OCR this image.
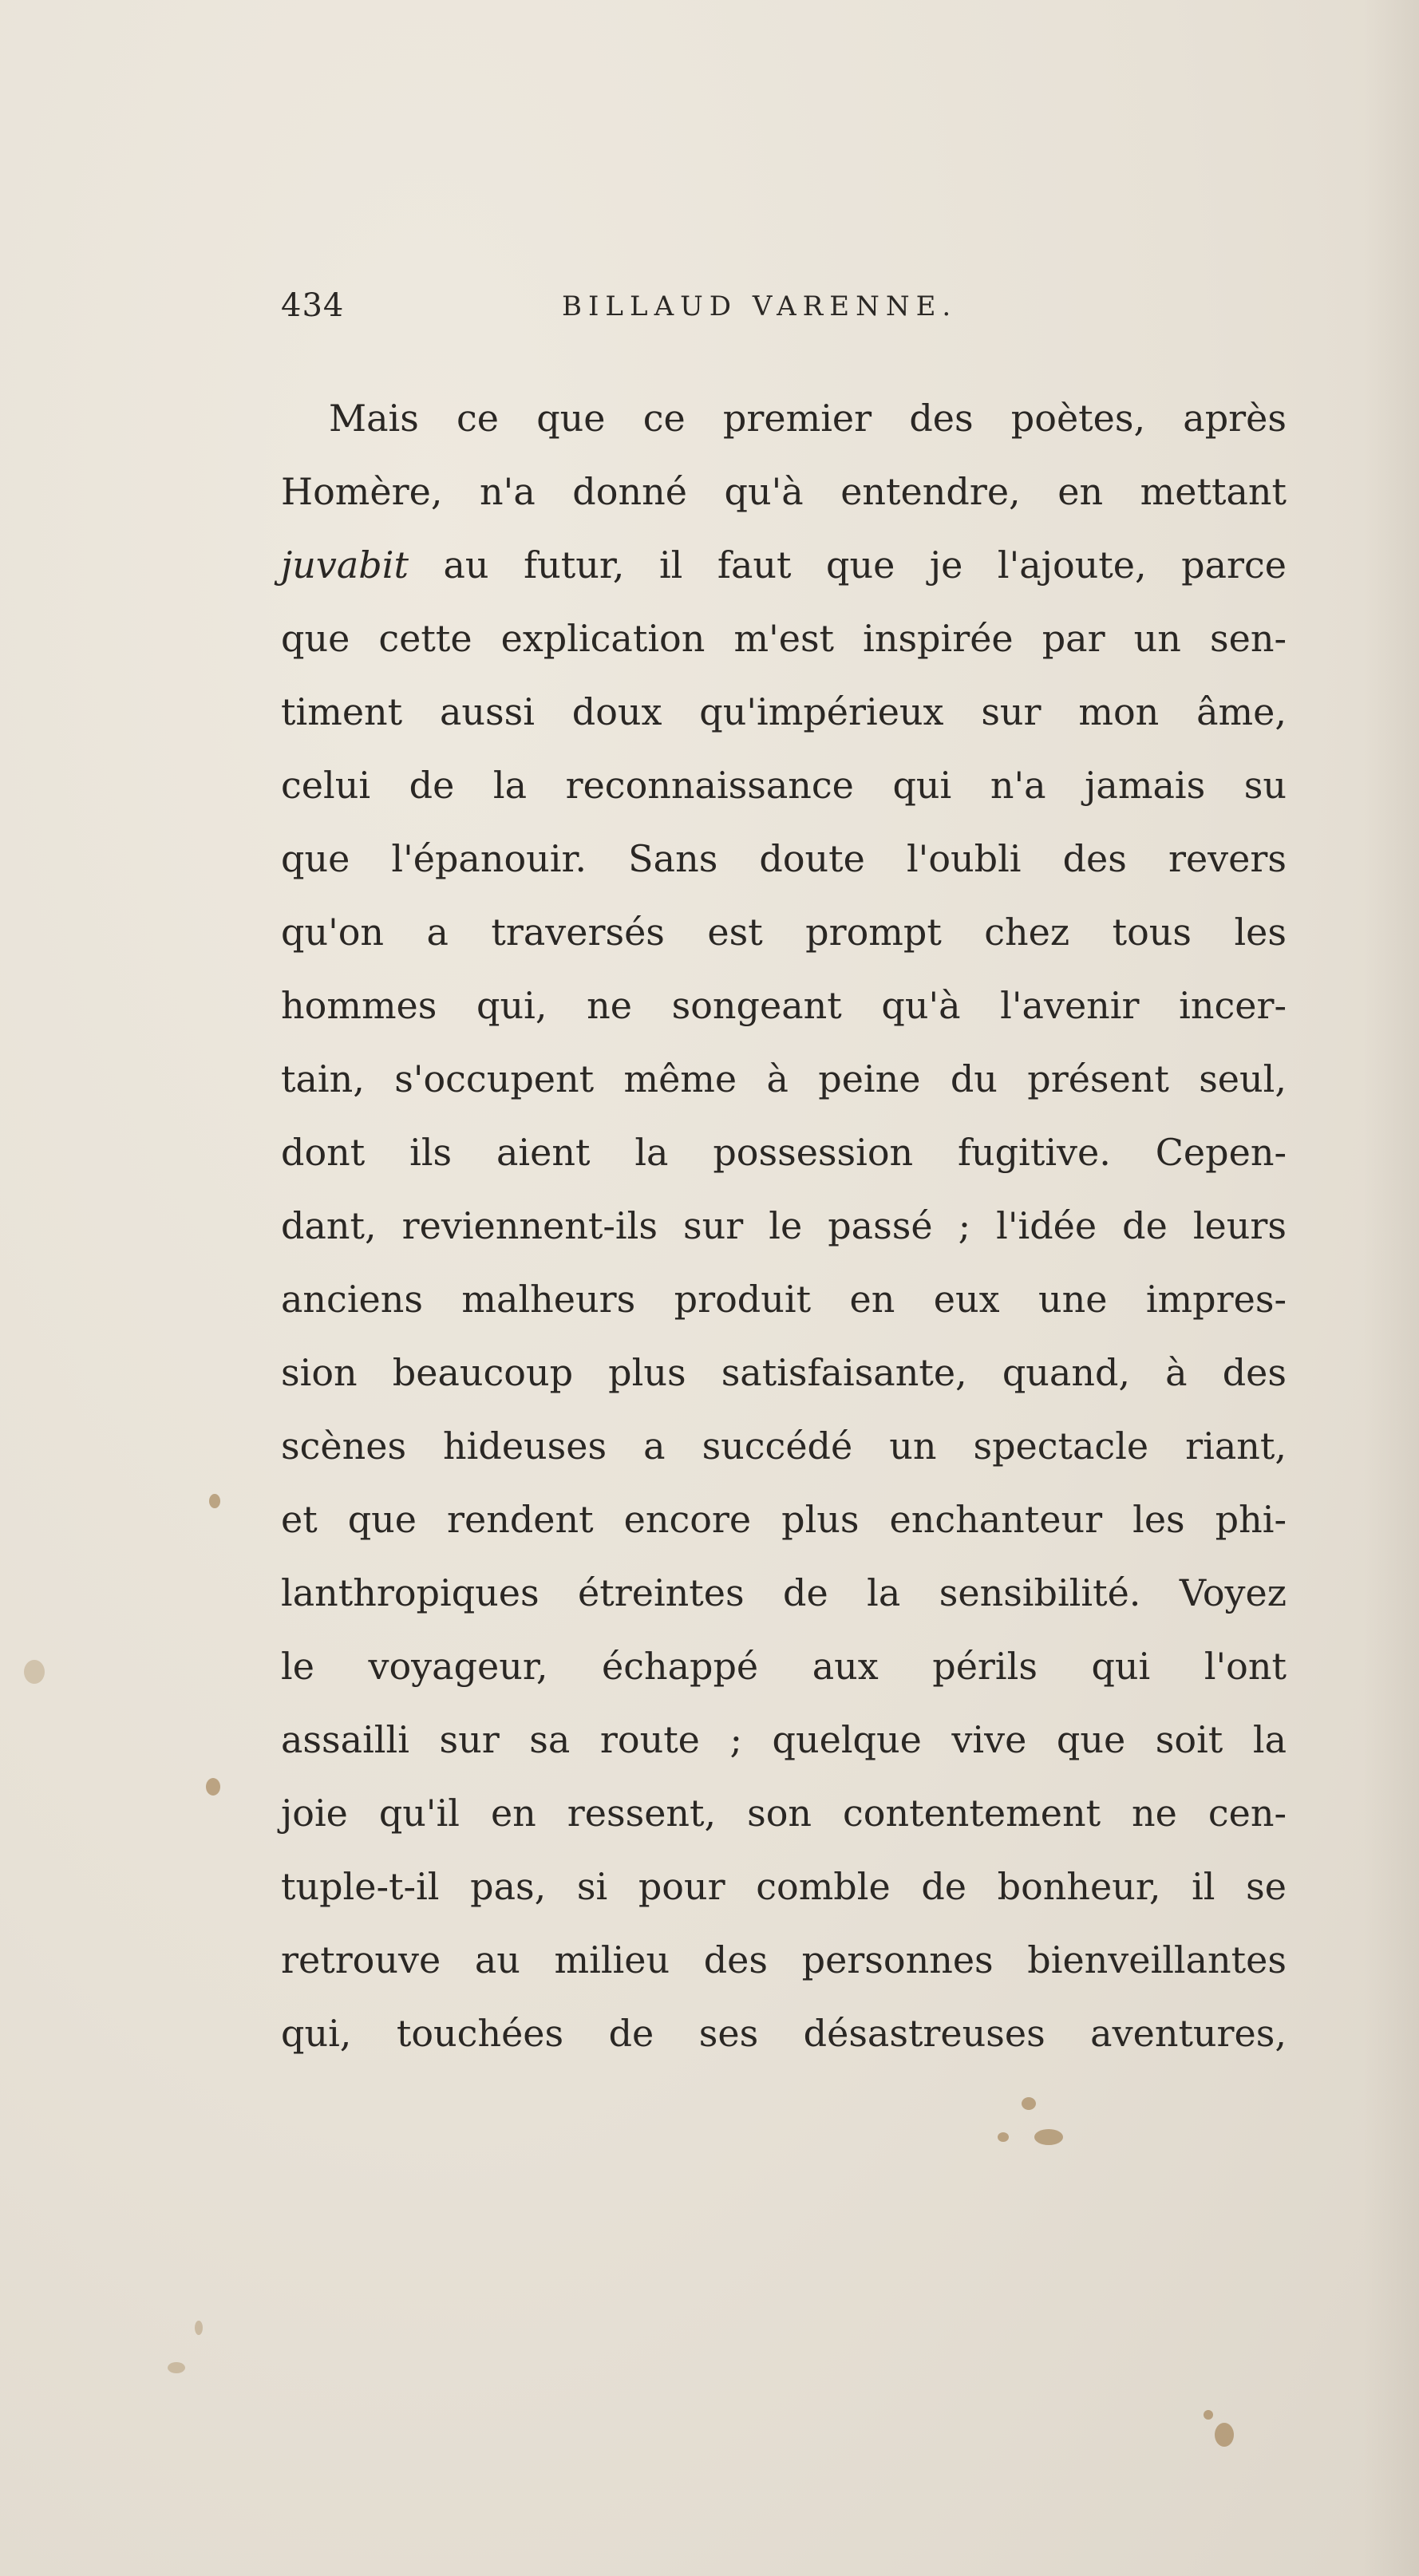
434	BILLAUD VARENNE.
Mais ce que ce premier des poètes, après
Homère, n'a donné qu'à entendre, en mettant
juvabit au futur, il faut que je l'ajoute, parce
que cette explication m'est inspirée par un sen-
timent aussi doux qu'impérieux sur mon âme,
celui de la reconnaissance qui n'a jamais su
que l'épanouir. Sans doute l'oubli des revers
qu'on a traversés est prompt chez tous les
hommes qui, ne songeant qu'à l'avenir incer-
tain, s'occupent même à peine du présent seul,
dont ils aient la possession fugitive. Cepen-
dant, reviennent-ils sur le passé ; l'idée de leurs
anciens malheurs produit en eux une impres-
sion beaucoup plus satisfaisante, quand, à des
scènes hideuses a succédé un spectacle riant,
et que rendent encore plus enchanteur les phi-
lanthropiques étreintes de la sensibilité. Voyez
le voyageur, échappé aux périls qui l'ont
assailli sur sa route ; quelque vive que soit la
joie qu'il en ressent, son contentement ne cen-
tuple-t-il pas, si pour comble de bonheur, il se
retrouve au milieu des personnes bienveillantes
qui, touchées de ses désastreuses aventures,
